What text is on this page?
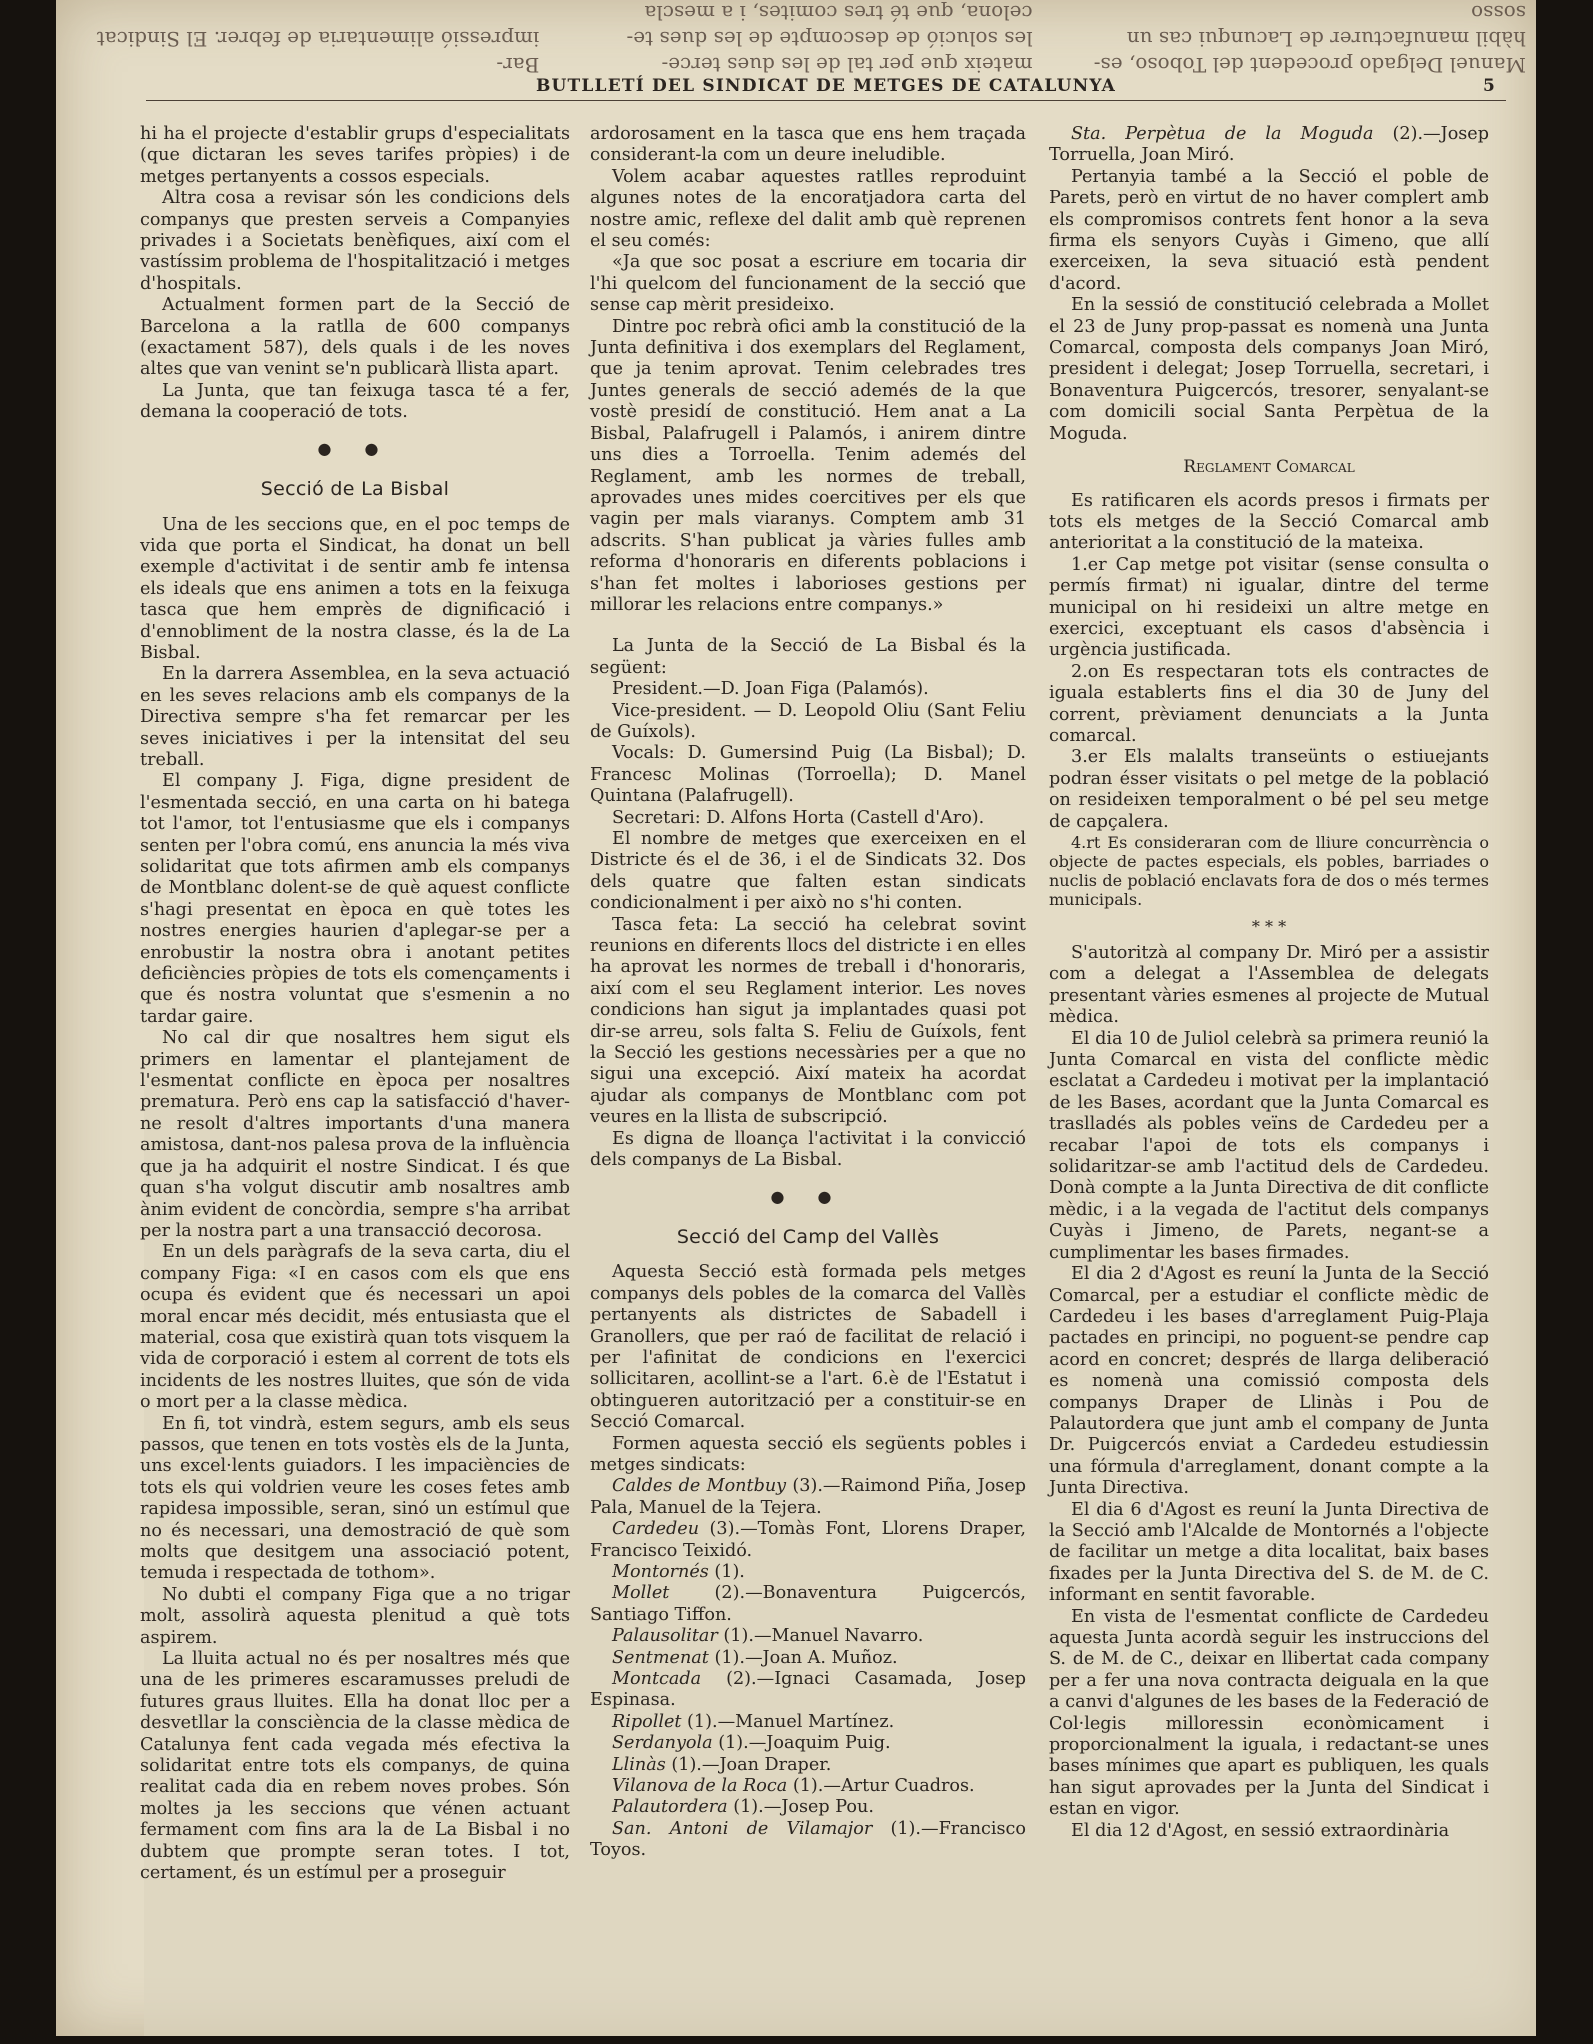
Manuel Delgado procedent del Toboso, es-
hàbil manufacturer de Lacunqui cas un sosso
mateix que per tal de les dues terce-
les solució de descompte de les dues te-
celona, que té tres comites, i a mescla
Bar-
impressió alimentaria de febrer. El Sindicat
BUTLLETÍ DEL SINDICAT DE METGES DE CATALUNYA	5

hi ha el projecte d'establir grups d'especialitats (que dictaran les seves tarifes pròpies) i de metges pertanyents a cossos especials.

Altra cosa a revisar són les condicions dels companys que presten serveis a Companyies privades i a Societats benèfiques, així com el vastíssim problema de l'hospitalització i metges d'hospitals.

Actualment formen part de la Secció de Barcelona a la ratlla de 600 companys (exactament 587), dels quals i de les noves altes que van venint se'n publicarà llista apart.

La Junta, que tan feixuga tasca té a fer, demana la cooperació de tots.

● ●
Secció de La Bisbal

Una de les seccions que, en el poc temps de vida que porta el Sindicat, ha donat un bell exemple d'activitat i de sentir amb fe intensa els ideals que ens animen a tots en la feixuga tasca que hem emprès de dignificació i d'ennobliment de la nostra classe, és la de La Bisbal.

En la darrera Assemblea, en la seva actuació en les seves relacions amb els companys de la Directiva sempre s'ha fet remarcar per les seves iniciatives i per la intensitat del seu treball.

El company J. Figa, digne president de l'esmentada secció, en una carta on hi batega tot l'amor, tot l'entusiasme que els i companys senten per l'obra comú, ens anuncia la més viva solidaritat que tots afirmen amb els companys de Montblanc dolent-se de què aquest conflicte s'hagi presentat en època en què totes les nostres energies haurien d'aplegar-se per a enrobustir la nostra obra i anotant petites deficiències pròpies de tots els començaments i que és nostra voluntat que s'esmenin a no tardar gaire.

No cal dir que nosaltres hem sigut els primers en lamentar el plantejament de l'esmentat conflicte en època per nosaltres prematura. Però ens cap la satisfacció d'haver-ne resolt d'altres importants d'una manera amistosa, dant-nos palesa prova de la influència que ja ha adquirit el nostre Sindicat. I és que quan s'ha volgut discutir amb nosaltres amb ànim evident de concòrdia, sempre s'ha arribat per la nostra part a una transacció decorosa.

En un dels paràgrafs de la seva carta, diu el company Figa: «I en casos com els que ens ocupa és evident que és necessari un apoi moral encar més decidit, més entusiasta que el material, cosa que existirà quan tots visquem la vida de corporació i estem al corrent de tots els incidents de les nostres lluites, que són de vida o mort per a la classe mèdica.

En fi, tot vindrà, estem segurs, amb els seus passos, que tenen en tots vostès els de la Junta, uns excel·lents guiadors. I les impaciències de tots els qui voldrien veure les coses fetes amb rapidesa impossible, seran, sinó un estímul que no és necessari, una demostració de què som molts que desitgem una associació potent, temuda i respectada de tothom».

No dubti el company Figa que a no trigar molt, assolirà aquesta plenitud a què tots aspirem.

La lluita actual no és per nosaltres més que una de les primeres escaramusses preludi de futures graus lluites. Ella ha donat lloc per a desvetllar la consciència de la classe mèdica de Catalunya fent cada vegada més efectiva la solidaritat entre tots els companys, de quina realitat cada dia en rebem noves probes. Són moltes ja les seccions que vénen actuant fermament com fins ara la de La Bisbal i no dubtem que prompte seran totes. I tot, certament, és un estímul per a proseguir

ardorosament en la tasca que ens hem traçada considerant-la com un deure ineludible.

Volem acabar aquestes ratlles reproduint algunes notes de la encoratjadora carta del nostre amic, reflexe del dalit amb què reprenen el seu comés:

«Ja que soc posat a escriure em tocaria dir l'hi quelcom del funcionament de la secció que sense cap mèrit presideixo.

Dintre poc rebrà ofici amb la constitució de la Junta definitiva i dos exemplars del Reglament, que ja tenim aprovat. Tenim celebrades tres Juntes generals de secció ademés de la que vostè presidí de constitució. Hem anat a La Bisbal, Palafrugell i Palamós, i anirem dintre uns dies a Torroella. Tenim ademés del Reglament, amb les normes de treball, aprovades unes mides coercitives per els que vagin per mals viaranys. Comptem amb 31 adscrits. S'han publicat ja vàries fulles amb reforma d'honoraris en diferents poblacions i s'han fet moltes i laborioses gestions per millorar les relacions entre companys.»

La Junta de la Secció de La Bisbal és la següent:

President.—D. Joan Figa (Palamós).

Vice-president. — D. Leopold Oliu (Sant Feliu de Guíxols).

Vocals: D. Gumersind Puig (La Bisbal); D. Francesc Molinas (Torroella); D. Manel Quintana (Palafrugell).

Secretari: D. Alfons Horta (Castell d'Aro).

El nombre de metges que exerceixen en el Districte és el de 36, i el de Sindicats 32. Dos dels quatre que falten estan sindicats condicionalment i per això no s'hi conten.

Tasca feta: La secció ha celebrat sovint reunions en diferents llocs del districte i en elles ha aprovat les normes de treball i d'honoraris, així com el seu Reglament interior. Les noves condicions han sigut ja implantades quasi pot dir-se arreu, sols falta S. Feliu de Guíxols, fent la Secció les gestions necessàries per a que no sigui una excepció. Així mateix ha acordat ajudar als companys de Montblanc com pot veures en la llista de subscripció.

Es digna de lloança l'activitat i la convicció dels companys de La Bisbal.

● ●
Secció del Camp del Vallès

Aquesta Secció està formada pels metges companys dels pobles de la comarca del Vallès pertanyents als districtes de Sabadell i Granollers, que per raó de facilitat de relació i per l'afinitat de condicions en l'exercici sollicitaren, acollint-se a l'art. 6.è de l'Estatut i obtingueren autorització per a constituir-se en Secció Comarcal.

Formen aquesta secció els següents pobles i metges sindicats:

Caldes de Montbuy (3).—Raimond Piña, Josep Pala, Manuel de la Tejera.

Cardedeu (3).—Tomàs Font, Llorens Draper, Francisco Teixidó.

Montornés (1).

Mollet (2).—Bonaventura Puigcercós, Santiago Tiffon.

Palausolitar (1).—Manuel Navarro.

Sentmenat (1).—Joan A. Muñoz.

Montcada (2).—Ignaci Casamada, Josep Espinasa.

Ripollet (1).—Manuel Martínez.

Serdanyola (1).—Joaquim Puig.

Llinàs (1).—Joan Draper.

Vilanova de la Roca (1).—Artur Cuadros.

Palautordera (1).—Josep Pou.

San. Antoni de Vilamajor (1).—Francisco Toyos.

Sta. Perpètua de la Moguda (2).—Josep Torruella, Joan Miró.

Pertanyia també a la Secció el poble de Parets, però en virtut de no haver complert amb els compromisos contrets fent honor a la seva firma els senyors Cuyàs i Gimeno, que allí exerceixen, la seva situació està pendent d'acord.

En la sessió de constitució celebrada a Mollet el 23 de Juny prop-passat es nomenà una Junta Comarcal, composta dels companys Joan Miró, president i delegat; Josep Torruella, secretari, i Bonaventura Puigcercós, tresorer, senyalant-se com domicili social Santa Perpètua de la Moguda.

Reglament Comarcal

Es ratificaren els acords presos i firmats per tots els metges de la Secció Comarcal amb anterioritat a la constitució de la mateixa.

1.er Cap metge pot visitar (sense consulta o permís firmat) ni igualar, dintre del terme municipal on hi resideixi un altre metge en exercici, exceptuant els casos d'absència i urgència justificada.

2.on Es respectaran tots els contractes de iguala establerts fins el dia 30 de Juny del corrent, prèviament denunciats a la Junta comarcal.

3.er Els malalts transeünts o estiuejants podran ésser visitats o pel metge de la població on resideixen temporalment o bé pel seu metge de capçalera.

4.rt Es consideraran com de lliure concurrència o objecte de pactes especials, els pobles, barriades o nuclis de població enclavats fora de dos o més termes municipals.

* * *

S'autoritzà al company Dr. Miró per a assistir com a delegat a l'Assemblea de delegats presentant vàries esmenes al projecte de Mutual mèdica.

El dia 10 de Juliol celebrà sa primera reunió la Junta Comarcal en vista del conflicte mèdic esclatat a Cardedeu i motivat per la implantació de les Bases, acordant que la Junta Comarcal es traslladés als pobles veïns de Cardedeu per a recabar l'apoi de tots els companys i solidaritzar-se amb l'actitud dels de Cardedeu. Donà compte a la Junta Directiva de dit conflicte mèdic, i a la vegada de l'actitut dels companys Cuyàs i Jimeno, de Parets, negant-se a cumplimentar les bases firmades.

El dia 2 d'Agost es reuní la Junta de la Secció Comarcal, per a estudiar el conflicte mèdic de Cardedeu i les bases d'arreglament Puig-Plaja pactades en principi, no poguent-se pendre cap acord en concret; després de llarga deliberació es nomenà una comissió composta dels companys Draper de Llinàs i Pou de Palautordera que junt amb el company de Junta Dr. Puigcercós enviat a Cardedeu estudiessin una fórmula d'arreglament, donant compte a la Junta Directiva.

El dia 6 d'Agost es reuní la Junta Directiva de la Secció amb l'Alcalde de Montornés a l'objecte de facilitar un metge a dita localitat, baix bases fixades per la Junta Directiva del S. de M. de C. informant en sentit favorable.

En vista de l'esmentat conflicte de Cardedeu aquesta Junta acordà seguir les instruccions del S. de M. de C., deixar en llibertat cada company per a fer una nova contracta deiguala en la que a canvi d'algunes de les bases de la Federació de Col·legis milloressin econòmicament i proporcionalment la iguala, i redactant-se unes bases mínimes que apart es publiquen, les quals han sigut aprovades per la Junta del Sindicat i estan en vigor.

El dia 12 d'Agost, en sessió extraordinària
